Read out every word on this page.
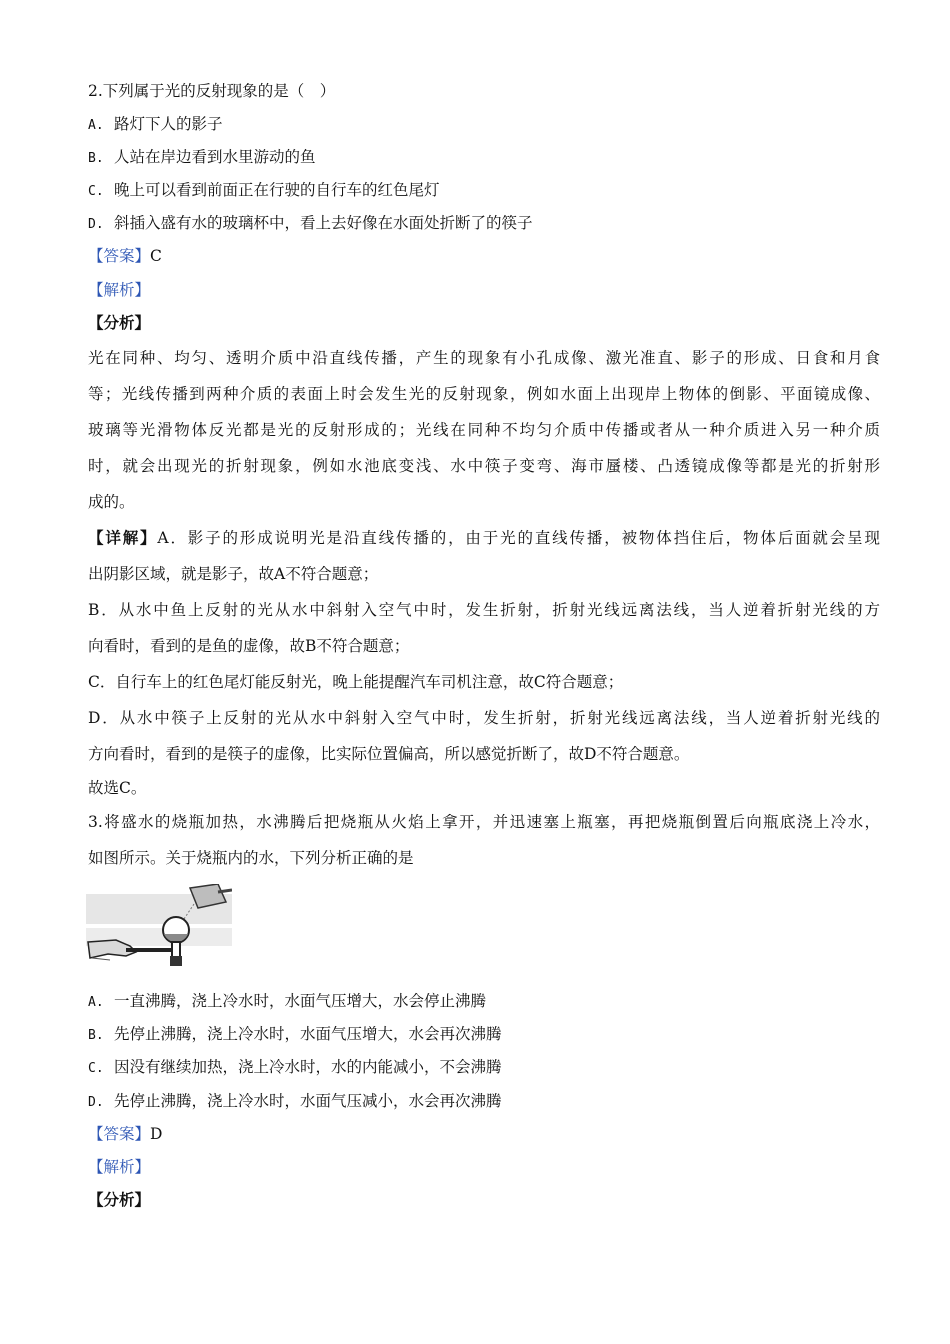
2.下列属于光的反射现象的是（　）
A. 路灯下人的影子
B. 人站在岸边看到水里游动的鱼
C. 晚上可以看到前面正在行驶的自行车的红色尾灯
D. 斜插入盛有水的玻璃杯中，看上去好像在水面处折断了的筷子
【答案】C
【解析】
【分析】
光在同种、均匀、透明介质中沿直线传播，产生的现象有小孔成像、激光准直、影子的形成、日食和月食
等；光线传播到两种介质的表面上时会发生光的反射现象，例如水面上出现岸上物体的倒影、平面镜成像、
玻璃等光滑物体反光都是光的反射形成的；光线在同种不均匀介质中传播或者从一种介质进入另一种介质
时，就会出现光的折射现象，例如水池底变浅、水中筷子变弯、海市蜃楼、凸透镜成像等都是光的折射形
成的。
【详解】A．影子的形成说明光是沿直线传播的，由于光的直线传播，被物体挡住后，物体后面就会呈现
出阴影区域，就是影子，故A不符合题意；
B．从水中鱼上反射的光从水中斜射入空气中时，发生折射，折射光线远离法线，当人逆着折射光线的方
向看时，看到的是鱼的虚像，故B不符合题意；
C．自行车上的红色尾灯能反射光，晚上能提醒汽车司机注意，故C符合题意；
D．从水中筷子上反射的光从水中斜射入空气中时，发生折射，折射光线远离法线，当人逆着折射光线的
方向看时，看到的是筷子的虚像，比实际位置偏高，所以感觉折断了，故D不符合题意。
故选C。
3.将盛水的烧瓶加热，水沸腾后把烧瓶从火焰上拿开，并迅速塞上瓶塞，再把烧瓶倒置后向瓶底浇上冷水，
如图所示。关于烧瓶内的水，下列分析正确的是
A. 一直沸腾，浇上冷水时，水面气压增大，水会停止沸腾
B. 先停止沸腾，浇上冷水时，水面气压增大，水会再次沸腾
C. 因没有继续加热，浇上冷水时，水的内能减小，不会沸腾
D. 先停止沸腾，浇上冷水时，水面气压减小，水会再次沸腾
【答案】D
【解析】
【分析】
